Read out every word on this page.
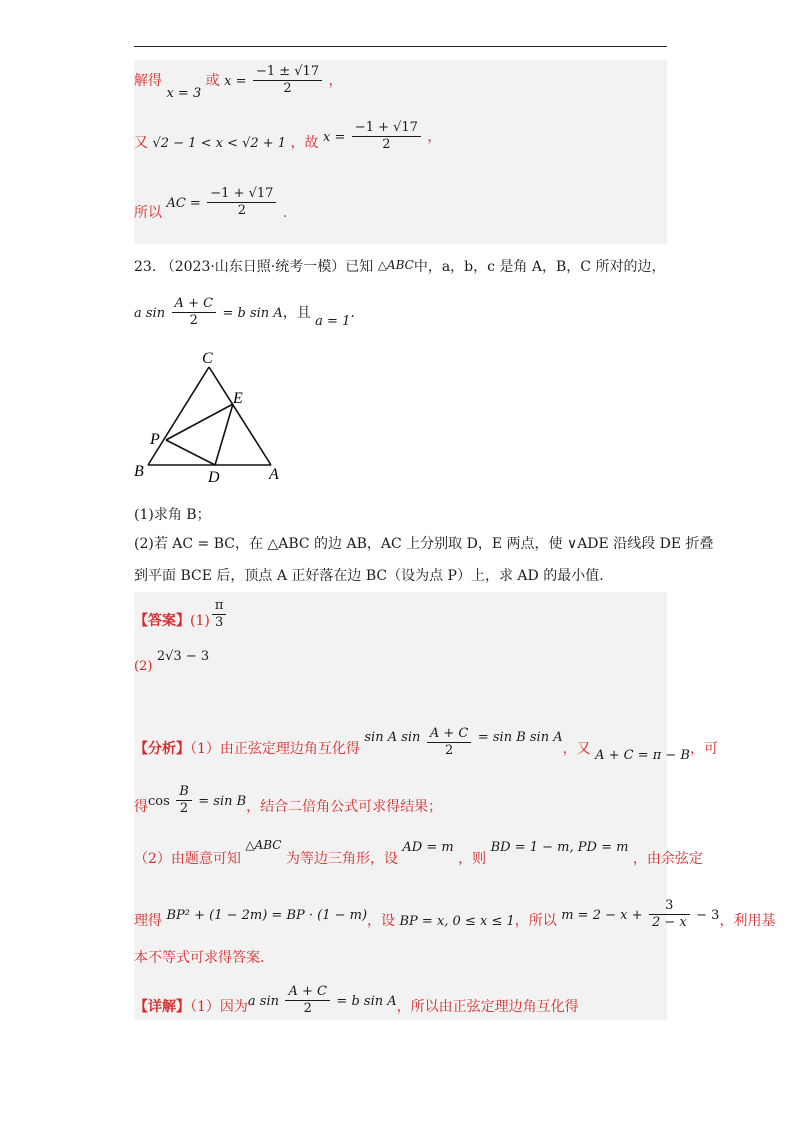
解得 x = 3 或 $x = \frac{-1 \pm √17}{2}$ ，
又 √2 − 1 < x < √2 + 1 ，故 $x = \frac{-1 + √17}{2}$ ，
所以 AC = $\frac{-1 + √17}{2}$ .
23. （2023·山东日照·统考一模）已知 △ABC中，a，b，c 是角 A，B，C 所对的边，
a $\sin \frac{A + C}{2} = b$ sin A，且 a = 1.
C
E
P
B	D	A
(1)求角 B；
(2)若 AC = BC，在 △ABC 的边 AB，AC 上分别取 D，E 两点，使 ∨ADE 沿线段 DE 折叠
到平面 BCE 后，顶点 A 正好落在边 BC（设为点 P）上，求 AD 的最小值.
【答案】$(1) \frac{\pi}{3}$
(2) 2√3 − 3
【分析】（1）由正弦定理边角互化得 sin A $\sin \frac{A + C}{2} = \sin B$ sin A，又 A + C = π − B，可
得$\cos \frac{B}{2} = \sin B$，结合二倍角公式可求得结果；
（2）由题意可知 △ABC 为等边三角形，设 AD = m ，则 BD = 1 − m, PD = m ，由余弦定
理得 BP² + (1 − 2m) = BP · (1 − m)，设 BP = x, 0 ≤ x ≤ 1，所以 $m = 2 - x + \frac{3}{2 - x} - 3$，利用基
本不等式可求得答案.
【详解】（1）因为a $\sin \frac{A + C}{2} = b$ sin A，所以由正弦定理边角互化得
